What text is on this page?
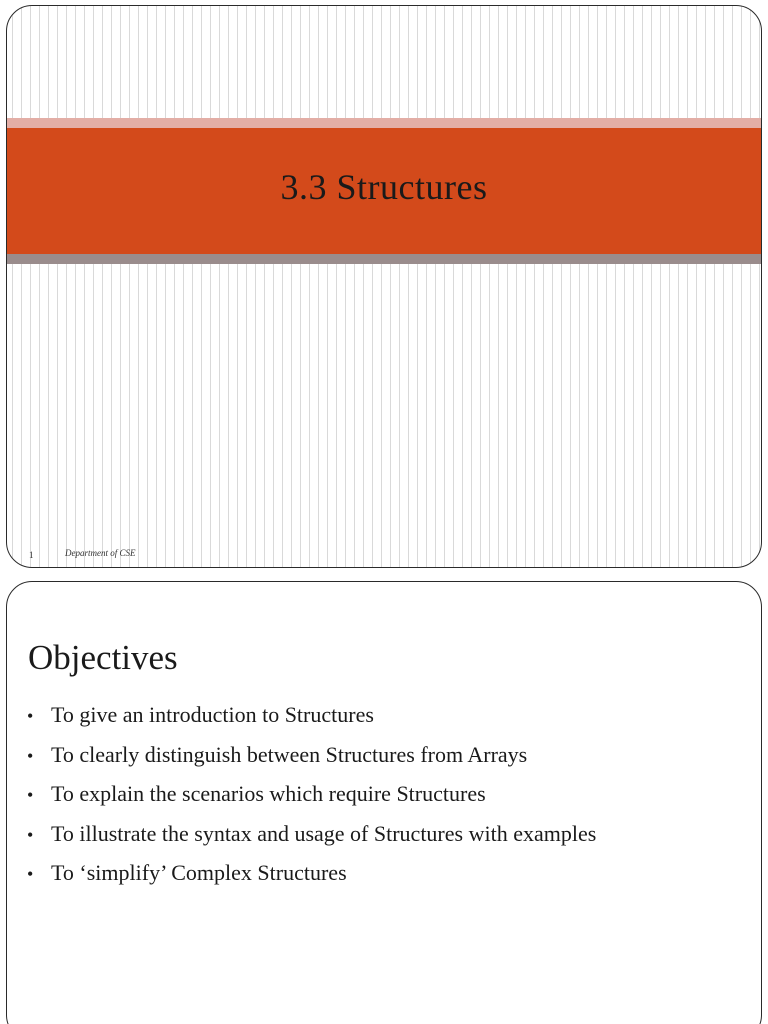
3.3 Structures
1	Department of CSE
Objectives
• To give an introduction to Structures
• To clearly distinguish between Structures from Arrays
• To explain the scenarios which require Structures
• To illustrate the syntax and usage of Structures with examples
• To ‘simplify’ Complex Structures
